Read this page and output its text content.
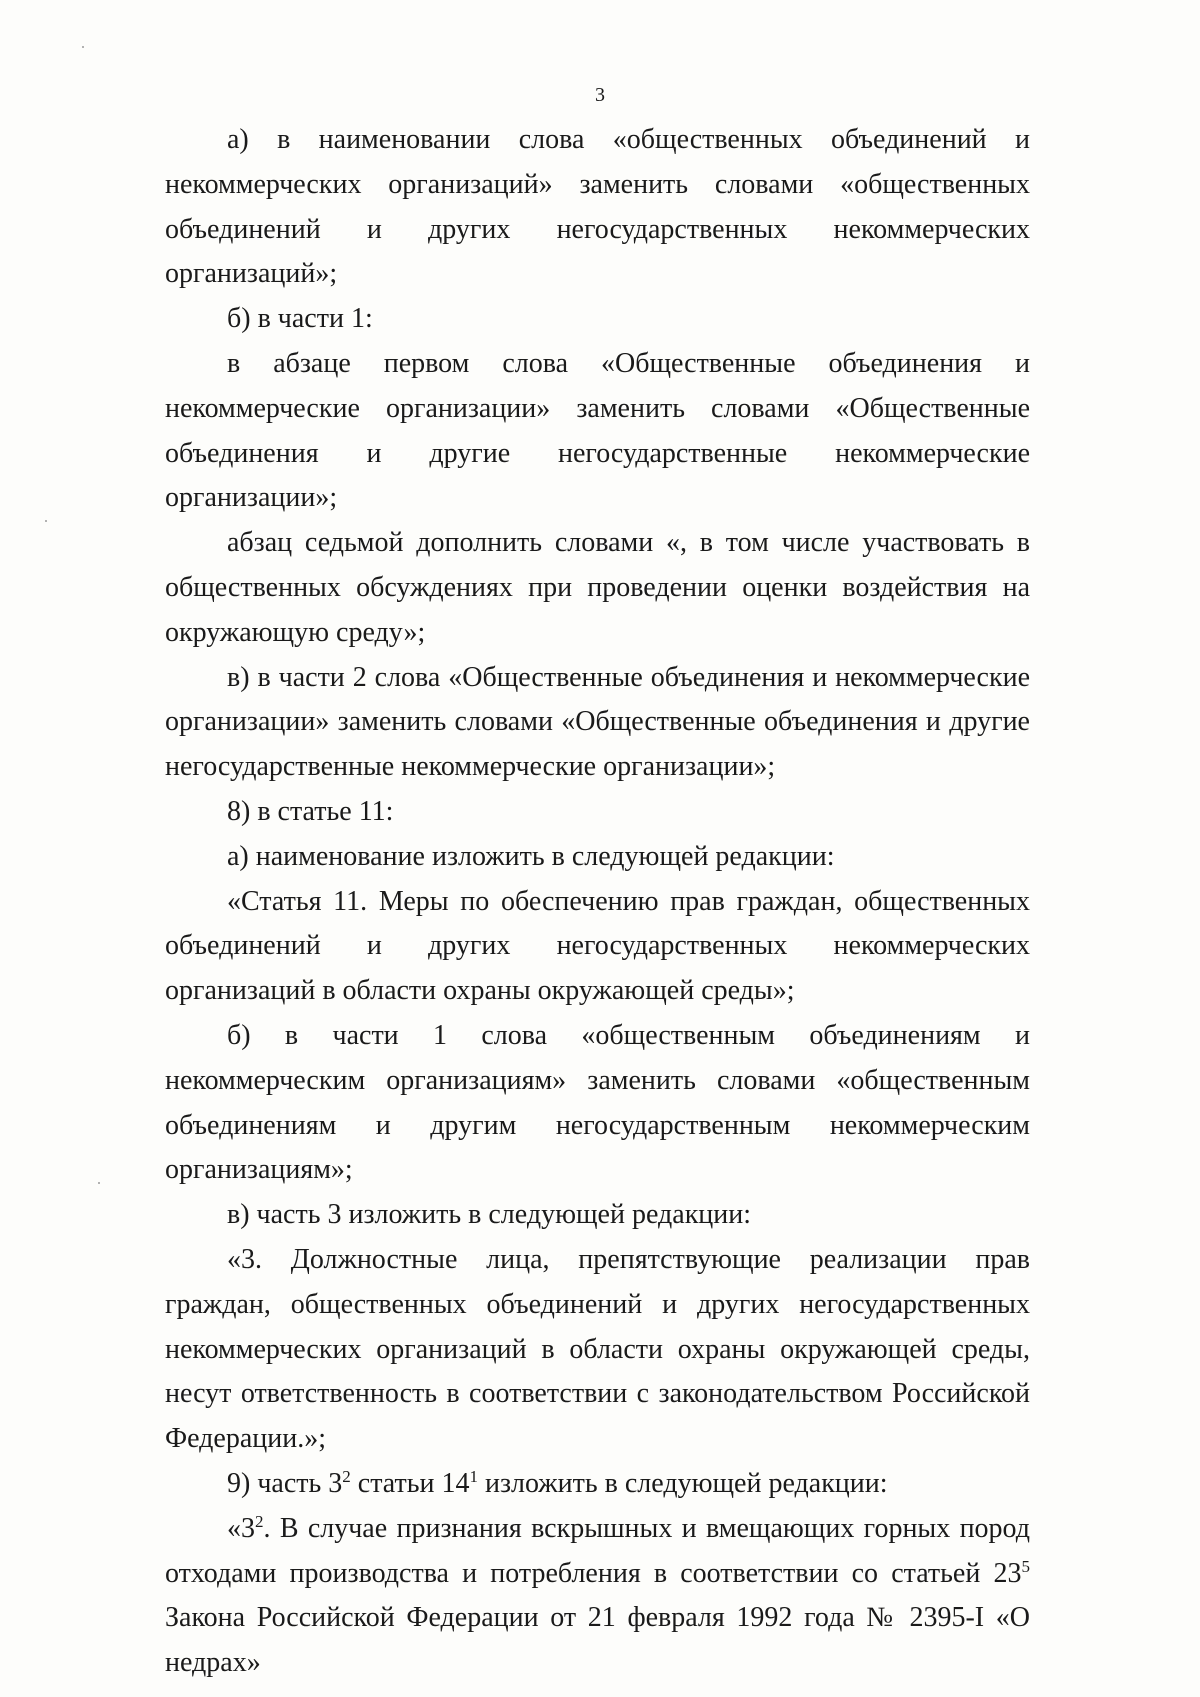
3

а) в наименовании слова «общественных объединений и некоммерческих организаций» заменить словами «общественных объединений и других негосударственных некоммерческих организаций»;

б) в части 1:

в абзаце первом слова «Общественные объединения и некоммерческие организации» заменить словами «Общественные объединения и другие негосударственные некоммерческие организации»;

абзац седьмой дополнить словами «, в том числе участвовать в общественных обсуждениях при проведении оценки воздействия на окружающую среду»;

в) в части 2 слова «Общественные объединения и некоммерческие организации» заменить словами «Общественные объединения и другие негосударственные некоммерческие организации»;

8) в статье 11:

а) наименование изложить в следующей редакции:

«Статья 11. Меры по обеспечению прав граждан, общественных объединений и других негосударственных некоммерческих организаций в области охраны окружающей среды»;

б) в части 1 слова «общественным объединениям и некоммерческим организациям» заменить словами «общественным объединениям и другим негосударственным некоммерческим организациям»;

в) часть 3 изложить в следующей редакции:

«3. Должностные лица, препятствующие реализации прав граждан, общественных объединений и других негосударственных некоммерческих организаций в области охраны окружающей среды, несут ответственность в соответствии с законодательством Российской Федерации.»;

9) часть $3^2$ статьи $14^1$ изложить в следующей редакции:

«$3^2$. В случае признания вскрышных и вмещающих горных пород отходами производства и потребления в соответствии со статьей $23^5$ Закона Российской Федерации от 21 февраля 1992 года № 2395-I «О недрах»
